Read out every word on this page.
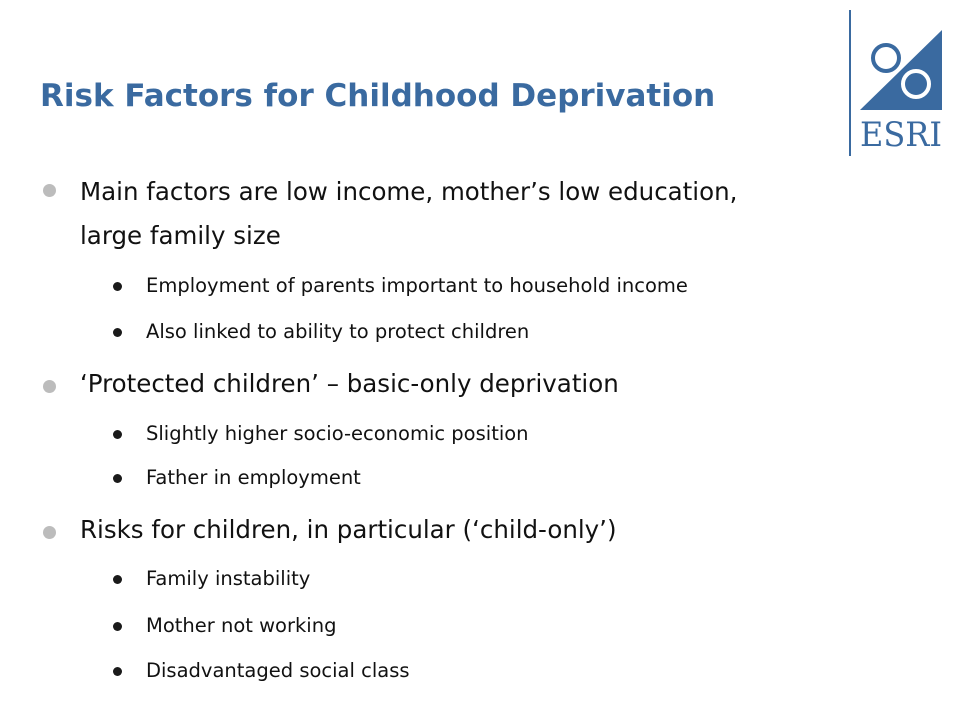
Risk Factors for Childhood Deprivation
ESRI
Main factors are low income, mother’s low education,
large family size
Employment of parents important to household income
Also linked to ability to protect children
‘Protected children’ – basic-only deprivation
Slightly higher socio-economic position
Father in employment
Risks for children, in particular (‘child-only’)
Family instability
Mother not working
Disadvantaged social class
